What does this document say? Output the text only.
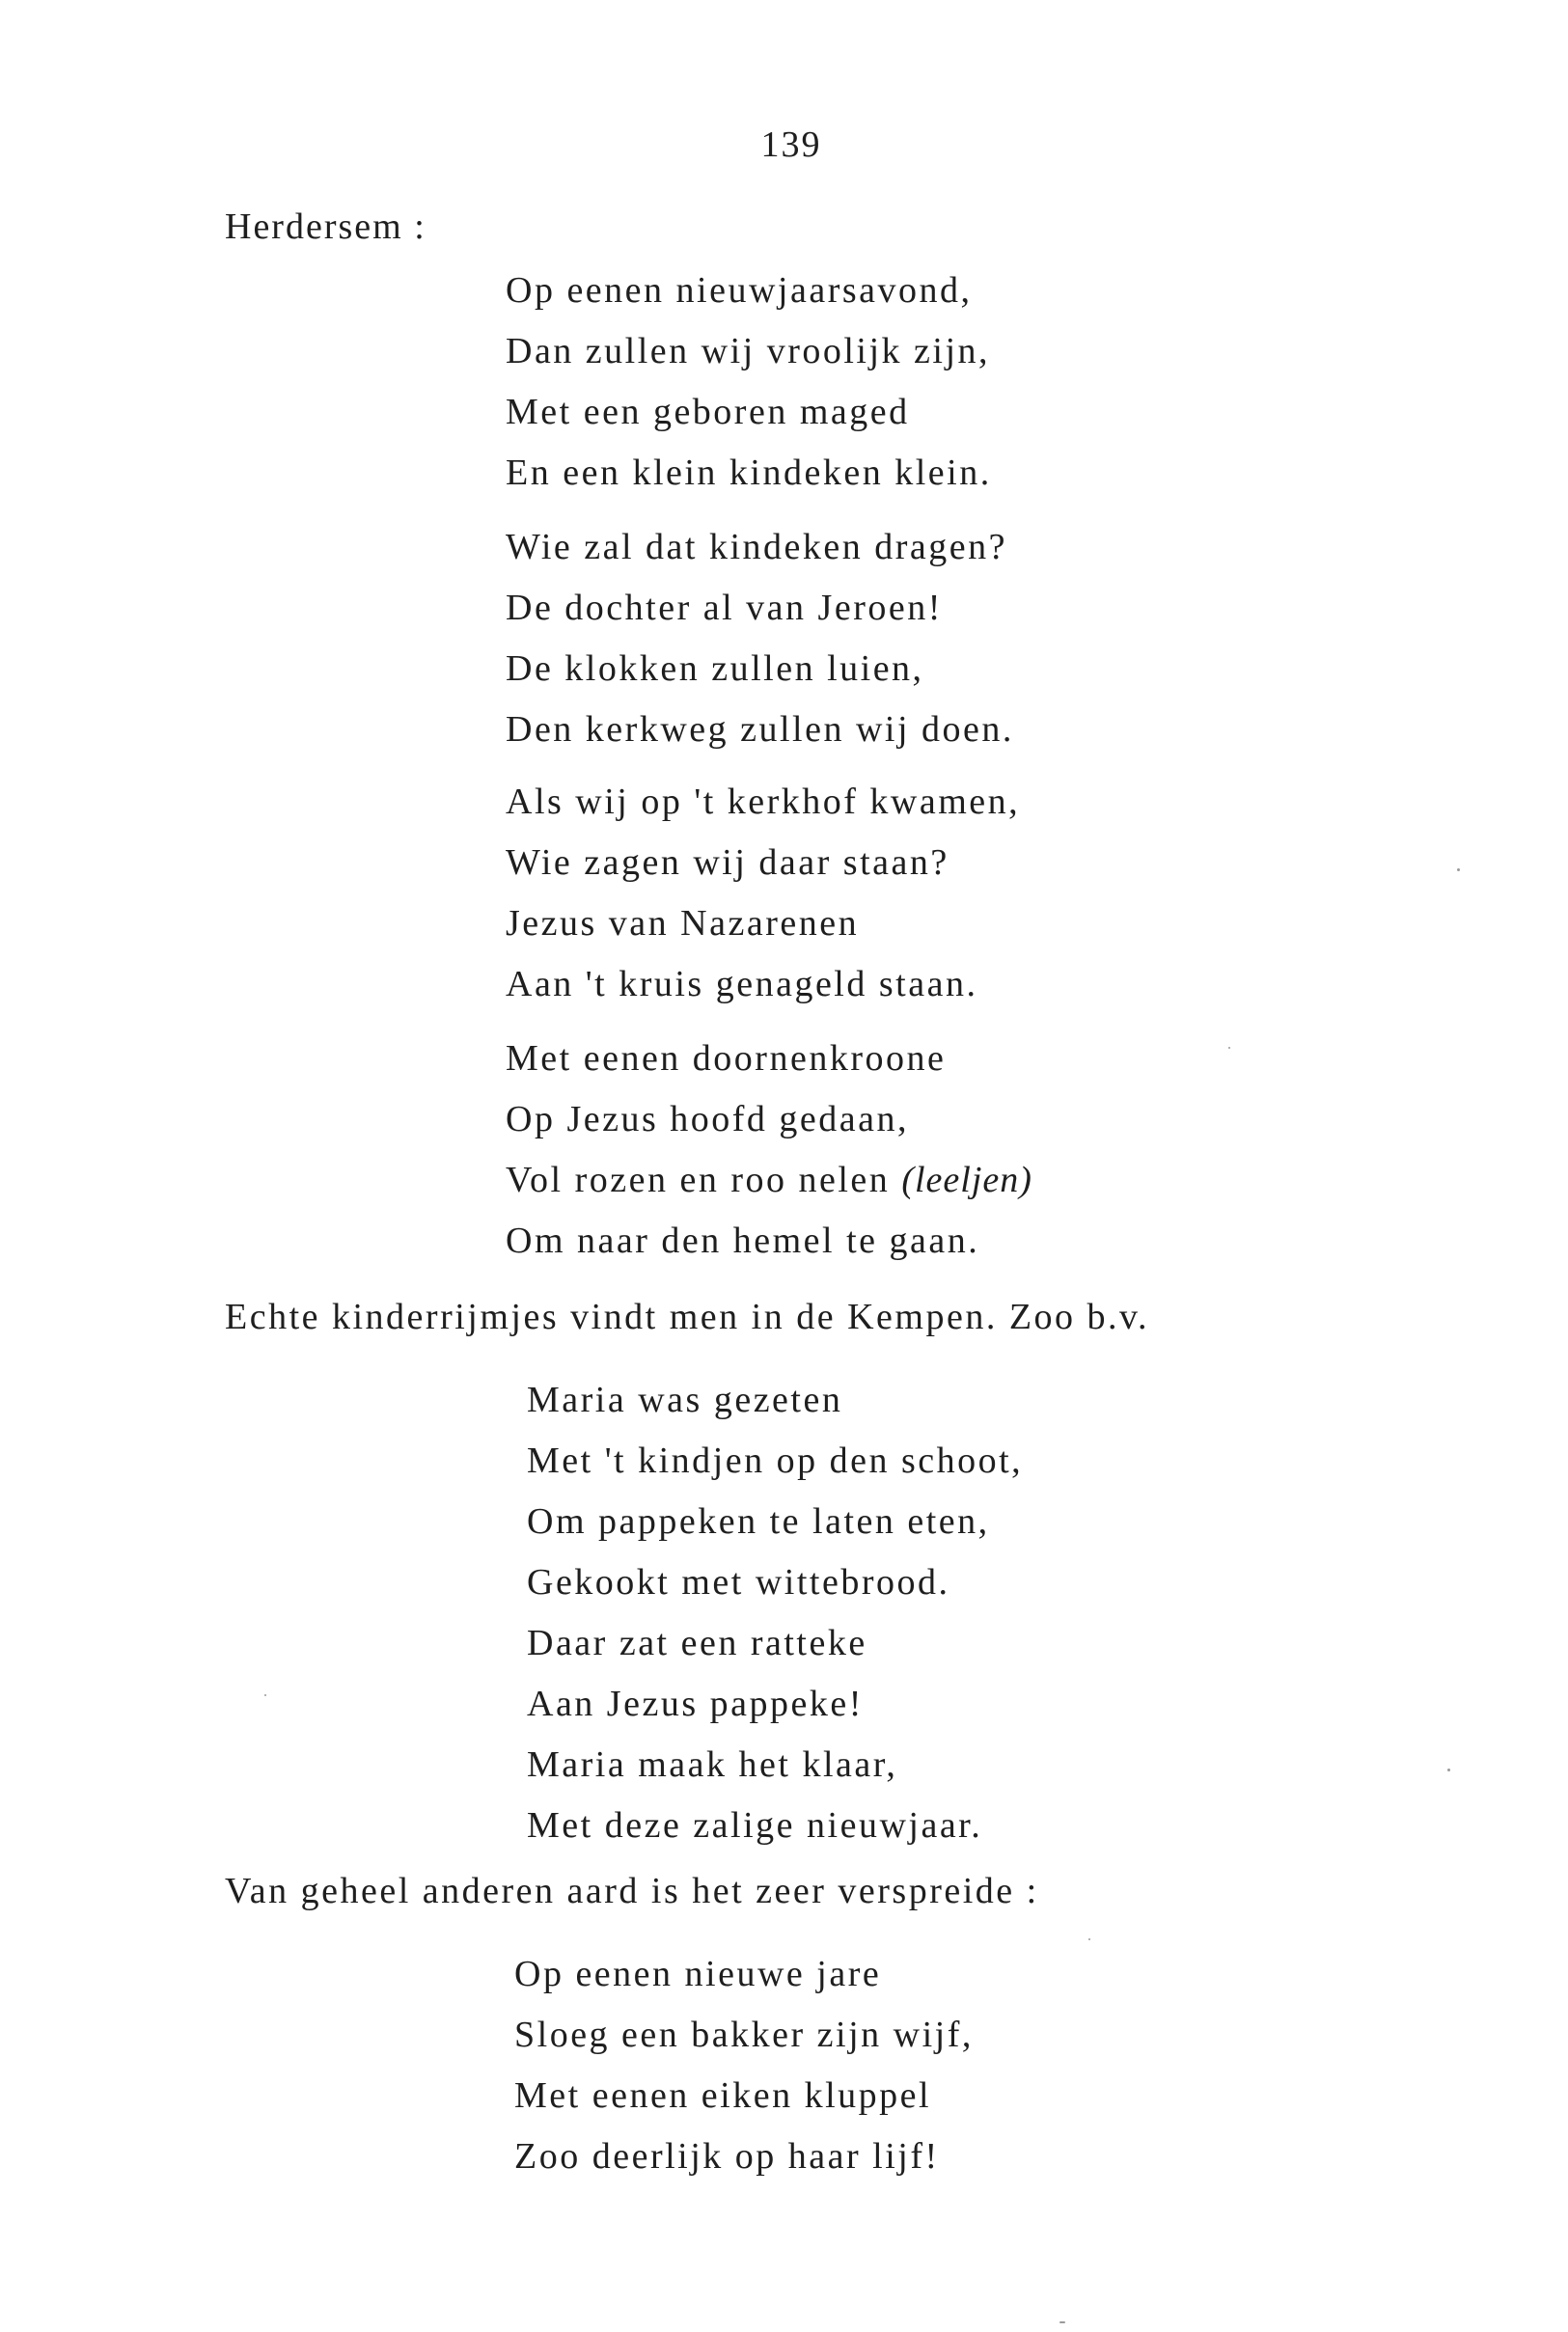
139
Herdersem :
Op eenen nieuwjaarsavond,
Dan zullen wij vroolijk zijn,
Met een geboren maged
En een klein kindeken klein.
Wie zal dat kindeken dragen?
De dochter al van Jeroen!
De klokken zullen luien,
Den kerkweg zullen wij doen.
Als wij op 't kerkhof kwamen,
Wie zagen wij daar staan?
Jezus van Nazarenen
Aan 't kruis genageld staan.
Met eenen doornenkroone
Op Jezus hoofd gedaan,
Vol rozen en roo nelen (leeljen)
Om naar den hemel te gaan.
Echte kinderrijmjes vindt men in de Kempen. Zoo b.v.
Maria was gezeten
Met 't kindjen op den schoot,
Om pappeken te laten eten,
Gekookt met wittebrood.
Daar zat een ratteke
Aan Jezus pappeke!
Maria maak het klaar,
Met deze zalige nieuwjaar.
Van geheel anderen aard is het zeer verspreide :
Op eenen nieuwe jare
Sloeg een bakker zijn wijf,
Met eenen eiken kluppel
Zoo deerlijk op haar lijf!
